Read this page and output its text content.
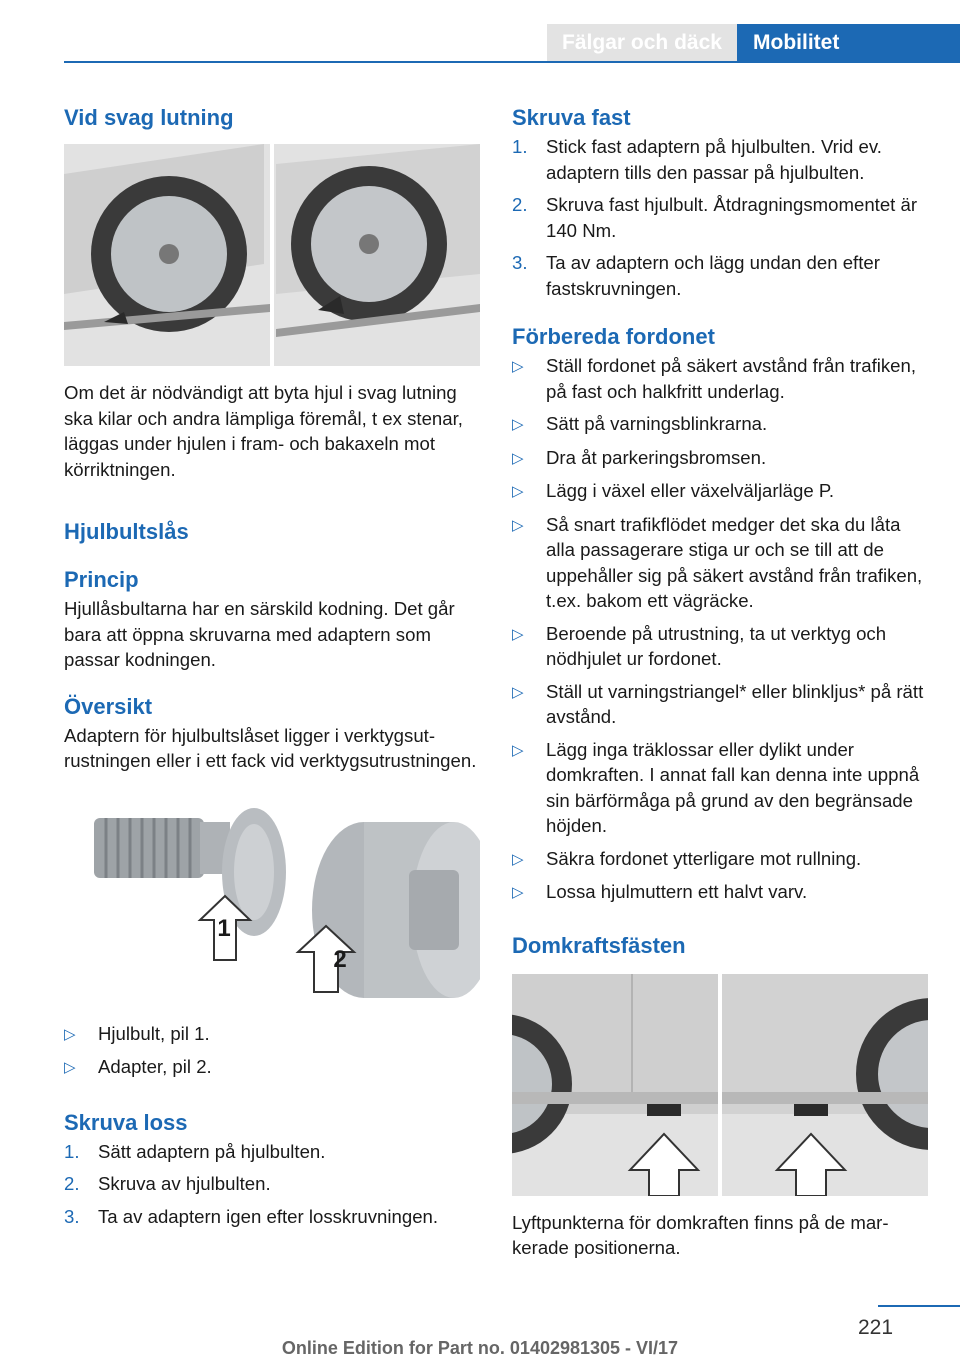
Fälgar och däck	Mobilitet
Vid svag lutning

Om det är nödvändigt att byta hjul i svag lutning ska kilar och andra lämpliga föremål, t ex stenar, läggas under hjulen i fram- och bakaxeln mot körriktningen.

Hjulbultslås
Princip

Hjullåsbultarna har en särskild kodning. Det går bara att öppna skruvarna med adaptern som passar kodningen.

Översikt

Adaptern för hjulbultslåset ligger i verktygsutrustningen eller i ett fack vid verktygsutrustningen.

1
2
▷	Hjulbult, pil 1.
▷	Adapter, pil 2.
Skruva loss
1. Sätt adaptern på hjulbulten.
2. Skruva av hjulbulten.
3. Ta av adaptern igen efter losskruvningen.
Skruva fast
1. Stick fast adaptern på hjulbulten. Vrid ev. adaptern tills den passar på hjulbulten.
2. Skruva fast hjulbult. Åtdragningsmomentet är 140 Nm.
3. Ta av adaptern och lägg undan den efter fastskruvningen.
Förbereda fordonet
▷	Ställ fordonet på säkert avstånd från trafiken, på fast och halkfritt underlag.
▷	Sätt på varningsblinkrarna.
▷	Dra åt parkeringsbromsen.
▷	Lägg i växel eller växelväljarläge P.
▷	Så snart trafikflödet medger det ska du låta alla passagerare stiga ur och se till att de uppehåller sig på säkert avstånd från trafiken, t.ex. bakom ett vägräcke.
▷	Beroende på utrustning, ta ut verktyg och nödhjulet ur fordonet.
▷	Ställ ut varningstriangel* eller blinkljus* på rätt avstånd.
▷	Lägg inga träklossar eller dylikt under domkraften. I annat fall kan denna inte uppnå sin bärförmåga på grund av den begränsade höjden.
▷	Säkra fordonet ytterligare mot rullning.
▷	Lossa hjulmuttern ett halvt varv.
Domkraftsfästen

Lyftpunkterna för domkraften finns på de markerade positionerna.

221
Online Edition for Part no. 01402981305 - VI/17
